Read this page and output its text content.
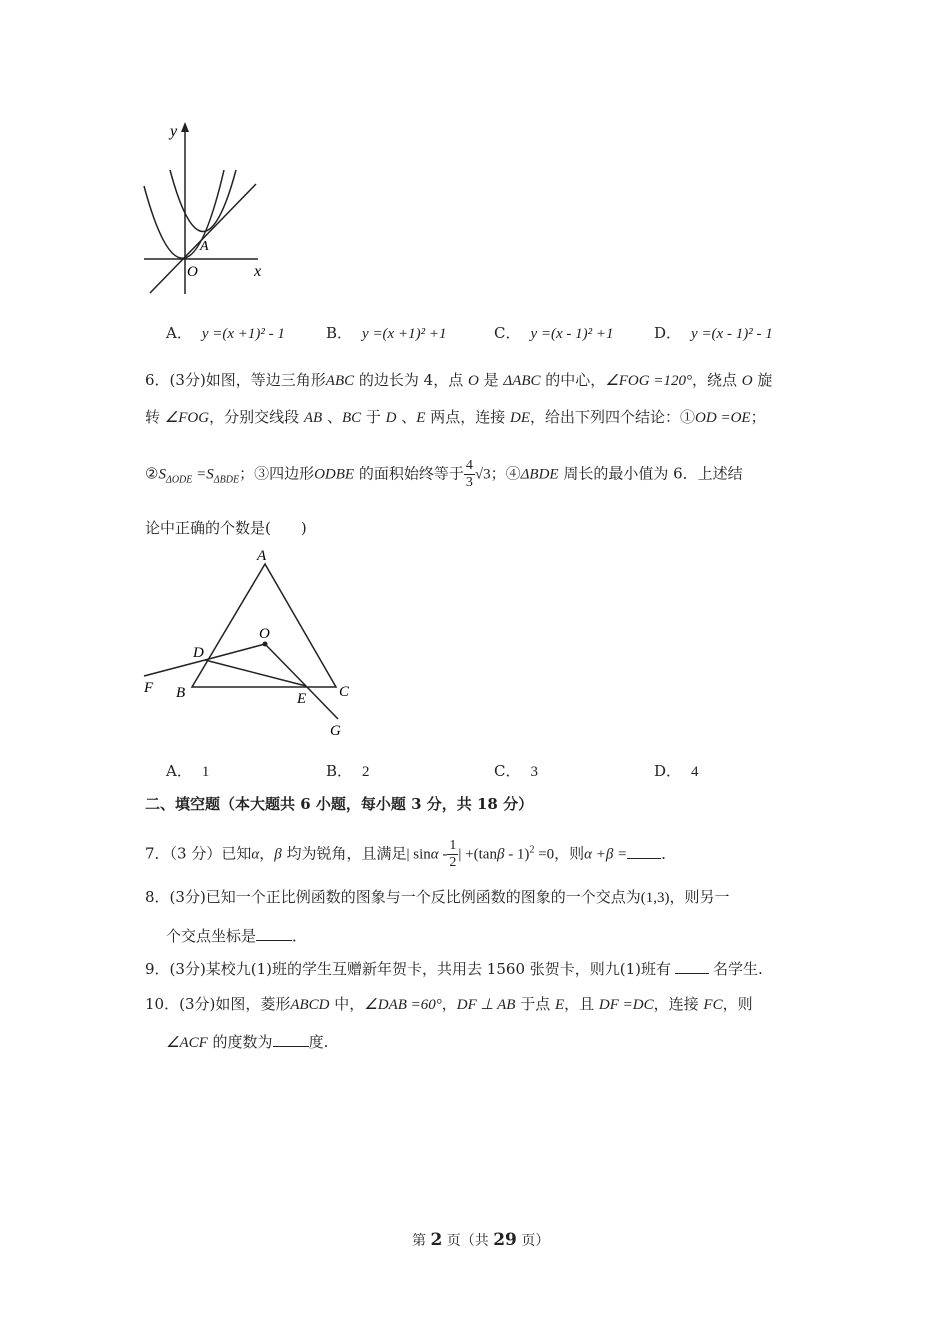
y
x
O
A
A． y =(x +1)² - 1	B． y =(x +1)² +1	C． y =(x - 1)² +1	D． y =(x - 1)² - 1
6．(3分)如图，等边三角形ABC 的边长为 4，点 O 是 ΔABC 的中心，∠FOG =120°，绕点 O 旋
转 ∠FOG，分别交线段 AB 、BC 于 D 、E 两点，连接 DE，给出下列四个结论：①OD =OE；
$②S_{\Delta ODE} =S_{\Delta BDE}$；③四边形ODBE 的面积始终等于 $\frac{4}{3} √3$；④ΔBDE 周长的最小值为 6．上述结
论中正确的个数是(　　)
A
O
D
F B	E C
G
A． 1	B． 2	C． 3	D． 4
二、填空题（本大题共 6 小题，每小题 3 分，共 18 分）
7．（3 分）已知α，β 均为锐角，且满足| sinα - $\frac{1}{2}$ | +(tanβ - 1)$^2$ =0，则α +β = ．
8．(3分)已知一个正比例函数的图象与一个反比例函数的图象的一个交点为(1,3)，则另一
个交点坐标是 ．
9．(3分)某校九(1)班的学生互赠新年贺卡，共用去 1560 张贺卡，则九(1)班有	名学生.
10．(3分)如图，菱形ABCD 中，∠DAB =60°，DF ⊥ AB 于点 E，且 DF =DC，连接 FC，则
∠ACF 的度数为 度.
第 2 页（共 29 页）
